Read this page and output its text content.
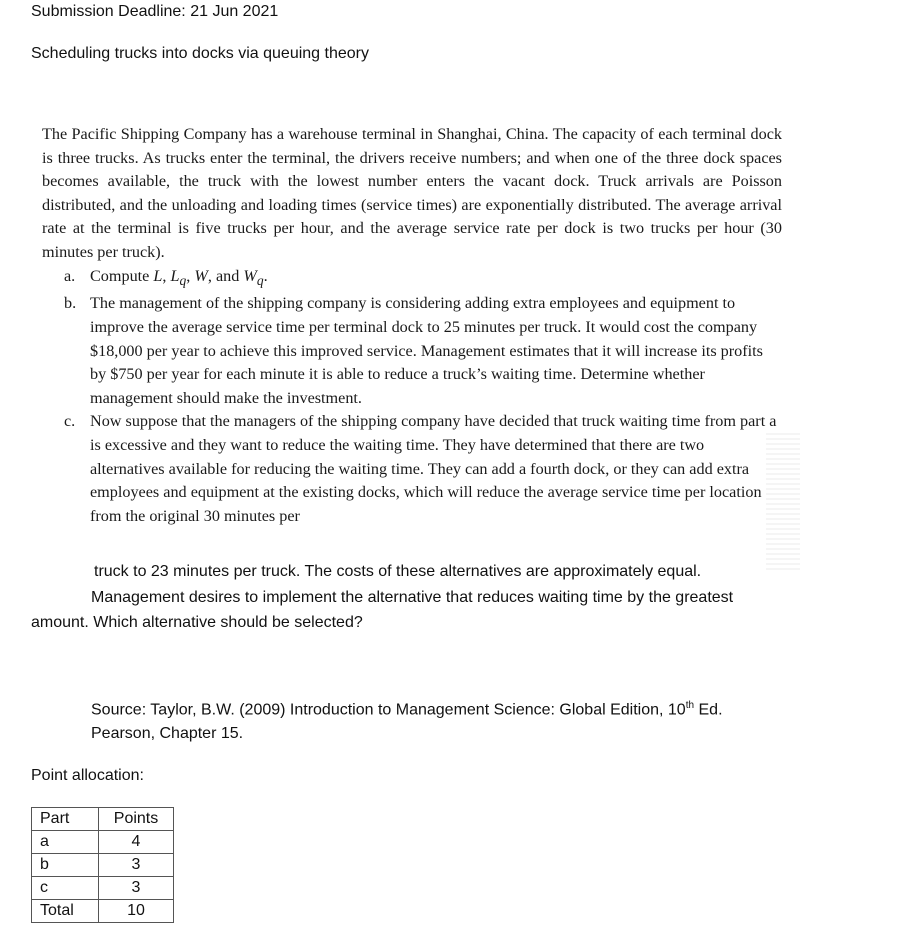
Submission Deadline: 21 Jun 2021

Scheduling trucks into docks via queuing theory

The Pacific Shipping Company has a warehouse terminal in Shanghai, China. The capacity of each terminal dock is three trucks. As trucks enter the terminal, the drivers receive numbers; and when one of the three dock spaces becomes available, the truck with the lowest number enters the vacant dock. Truck arrivals are Poisson distributed, and the unloading and loading times (service times) are exponentially distributed. The average arrival rate at the terminal is five trucks per hour, and the average service rate per dock is two trucks per hour (30 minutes per truck).

a. Compute L, $L_q$, W, and $W_q$.

b. The management of the shipping company is considering adding extra employees and equipment to improve the average service time per terminal dock to 25 minutes per truck. It would cost the company $18,000 per year to achieve this improved service. Management estimates that it will increase its profits by $750 per year for each minute it is able to reduce a truck’s waiting time. Determine whether management should make the investment.

c. Now suppose that the managers of the shipping company have decided that truck waiting time from part a is excessive and they want to reduce the waiting time. They have determined that there are two alternatives available for reducing the waiting time. They can add a fourth dock, or they can add extra employees and equipment at the existing docks, which will reduce the average service time per location from the original 30 minutes per

truck to 23 minutes per truck. The costs of these alternatives are approximately equal.

Management desires to implement the alternative that reduces waiting time by the greatest

amount. Which alternative should be selected?

Source: Taylor, B.W. (2009) Introduction to Management Science: Global Edition, 10th Ed.

Pearson, Chapter 15.

Point allocation:

Part	Points
a	4
b	3
c	3
Total	10
